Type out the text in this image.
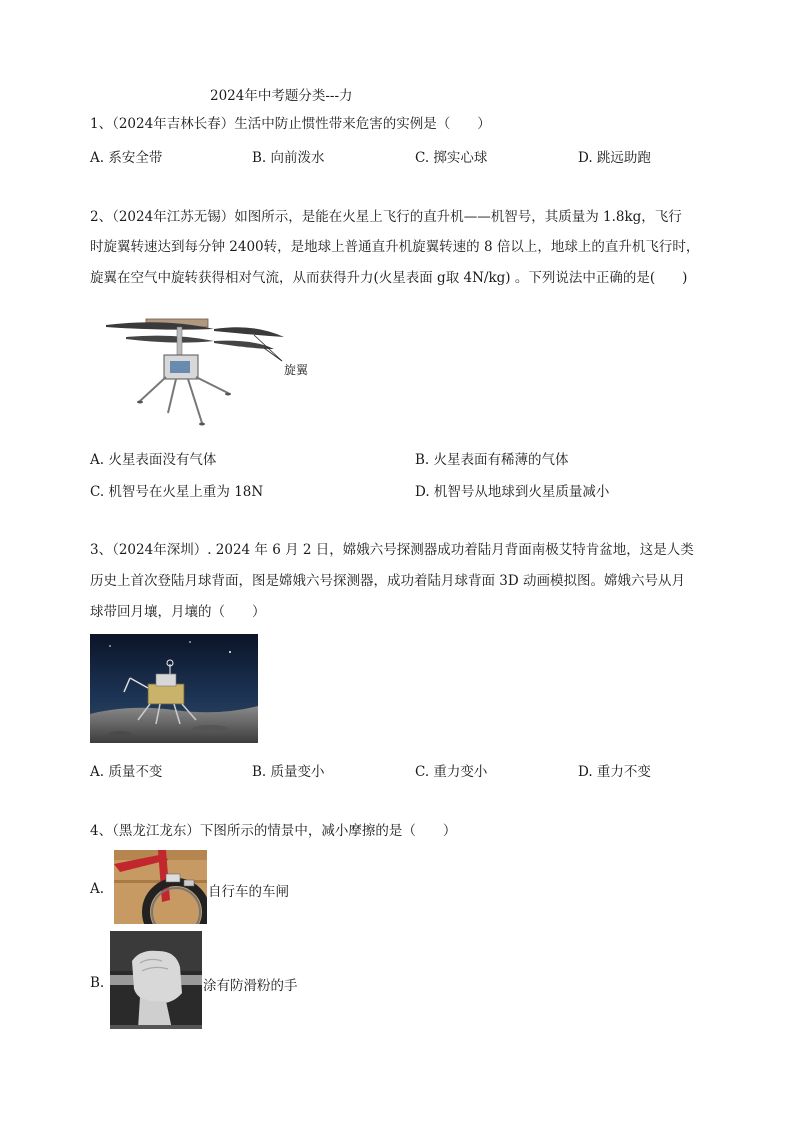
2024年中考题分类---力
1、（2024年吉林长春）生活中防止惯性带来危害的实例是（　　）
A. 系安全带	B. 向前泼水	C. 掷实心球	D. 跳远助跑
2、（2024年江苏无锡）如图所示，是能在火星上飞行的直升机——机智号，其质量为 1.8kg，飞行
时旋翼转速达到每分钟 2400转，是地球上普通直升机旋翼转速的 8 倍以上，地球上的直升机飞行时，
旋翼在空气中旋转获得相对气流，从而获得升力(火星表面 g取 4N/kg) 。下列说法中正确的是(　　)
旋翼
A. 火星表面没有气体	B. 火星表面有稀薄的气体
C. 机智号在火星上重为 18N	D. 机智号从地球到火星质量减小
3、（2024年深圳）. 2024 年 6 月 2 日，嫦娥六号探测器成功着陆月背面南极艾特肯盆地，这是人类
历史上首次登陆月球背面，图是嫦娥六号探测器，成功着陆月球背面 3D 动画模拟图。嫦娥六号从月
球带回月壤，月壤的（　　）
A. 质量不变	B. 质量变小	C. 重力变小	D. 重力不变
4、（黑龙江龙东）下图所示的情景中，减小摩擦的是（　　）
A.	自行车的车闸
B.	涂有防滑粉的手
